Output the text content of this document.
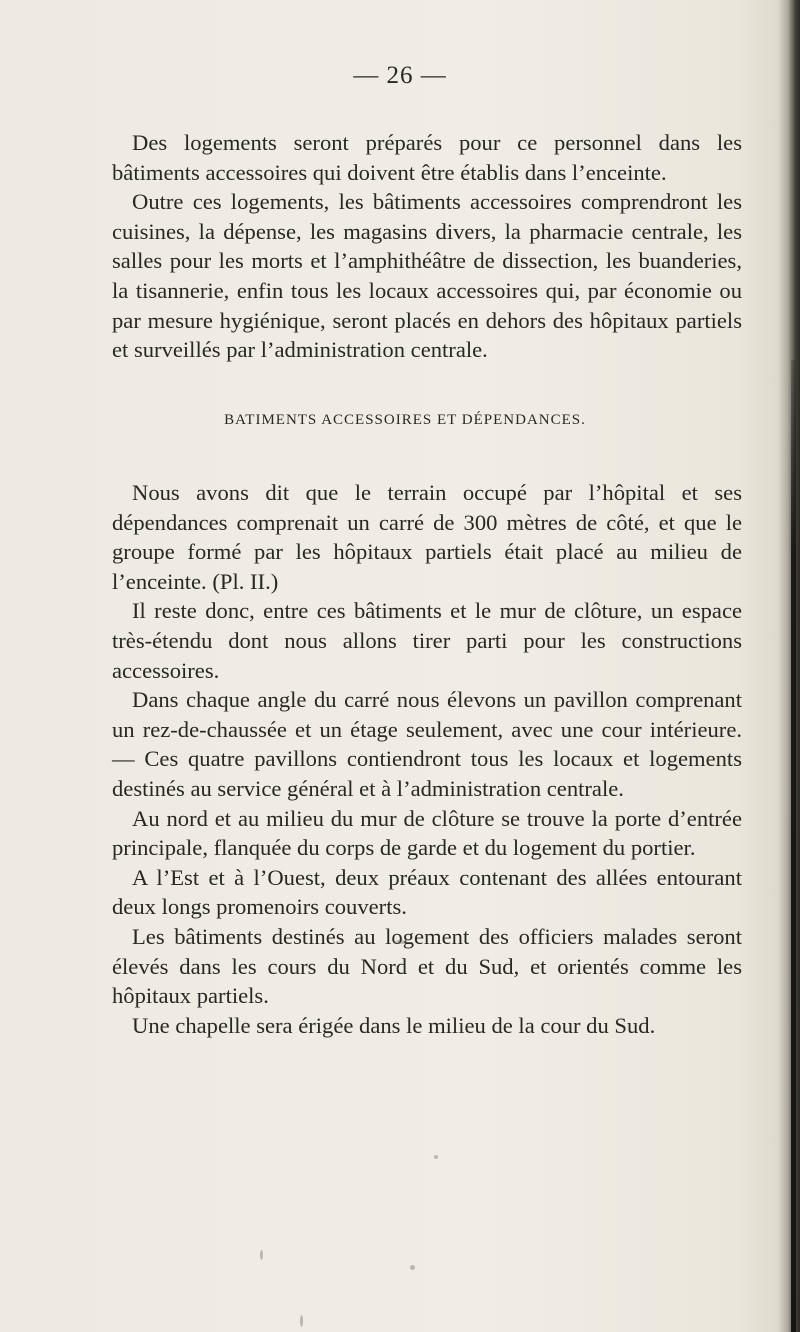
— 26 —

Des logements seront préparés pour ce personnel dans les bâtiments accessoires qui doivent être établis dans l’enceinte.

Outre ces logements, les bâtiments accessoires comprendront les cuisines, la dépense, les magasins divers, la pharmacie centrale, les salles pour les morts et l’amphithéâtre de dissection, les buanderies, la tisannerie, enfin tous les locaux accessoires qui, par économie ou par mesure hygiénique, seront placés en dehors des hôpitaux partiels et surveillés par l’administration centrale.

BATIMENTS ACCESSOIRES ET DÉPENDANCES.

Nous avons dit que le terrain occupé par l’hôpital et ses dépendances comprenait un carré de 300 mètres de côté, et que le groupe formé par les hôpitaux partiels était placé au milieu de l’enceinte. (Pl. II.)

Il reste donc, entre ces bâtiments et le mur de clôture, un espace très-étendu dont nous allons tirer parti pour les constructions accessoires.

Dans chaque angle du carré nous élevons un pavillon comprenant un rez-de-chaussée et un étage seulement, avec une cour intérieure. — Ces quatre pavillons contiendront tous les locaux et logements destinés au service général et à l’administration centrale.

Au nord et au milieu du mur de clôture se trouve la porte d’entrée principale, flanquée du corps de garde et du logement du portier.

A l’Est et à l’Ouest, deux préaux contenant des allées entourant deux longs promenoirs couverts.

Les bâtiments destinés au logement des officiers malades seront élevés dans les cours du Nord et du Sud, et orientés comme les hôpitaux partiels.

Une chapelle sera érigée dans le milieu de la cour du Sud.
